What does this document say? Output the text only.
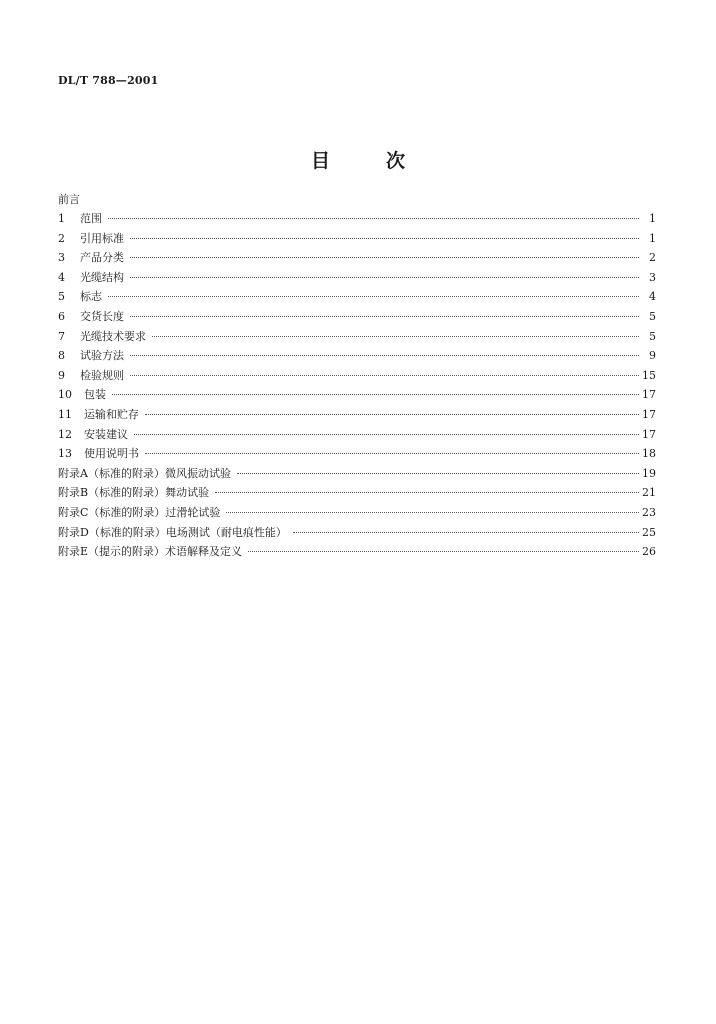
DL/T 788—2001
目次
前言
1	范围	1
2	引用标准	1
3	产品分类	2
4	光缆结构	3
5	标志	4
6	交货长度	5
7	光缆技术要求	5
8	试验方法	9
9	检验规则	15
10	包装	17
11	运输和贮存	17
12	安装建议	17
13	使用说明书	18
附录A（标准的附录）微风振动试验	19
附录B（标准的附录）舞动试验	21
附录C（标准的附录）过滑轮试验	23
附录D（标准的附录）电场测试（耐电痕性能）	25
附录E（提示的附录）术语解释及定义	26
